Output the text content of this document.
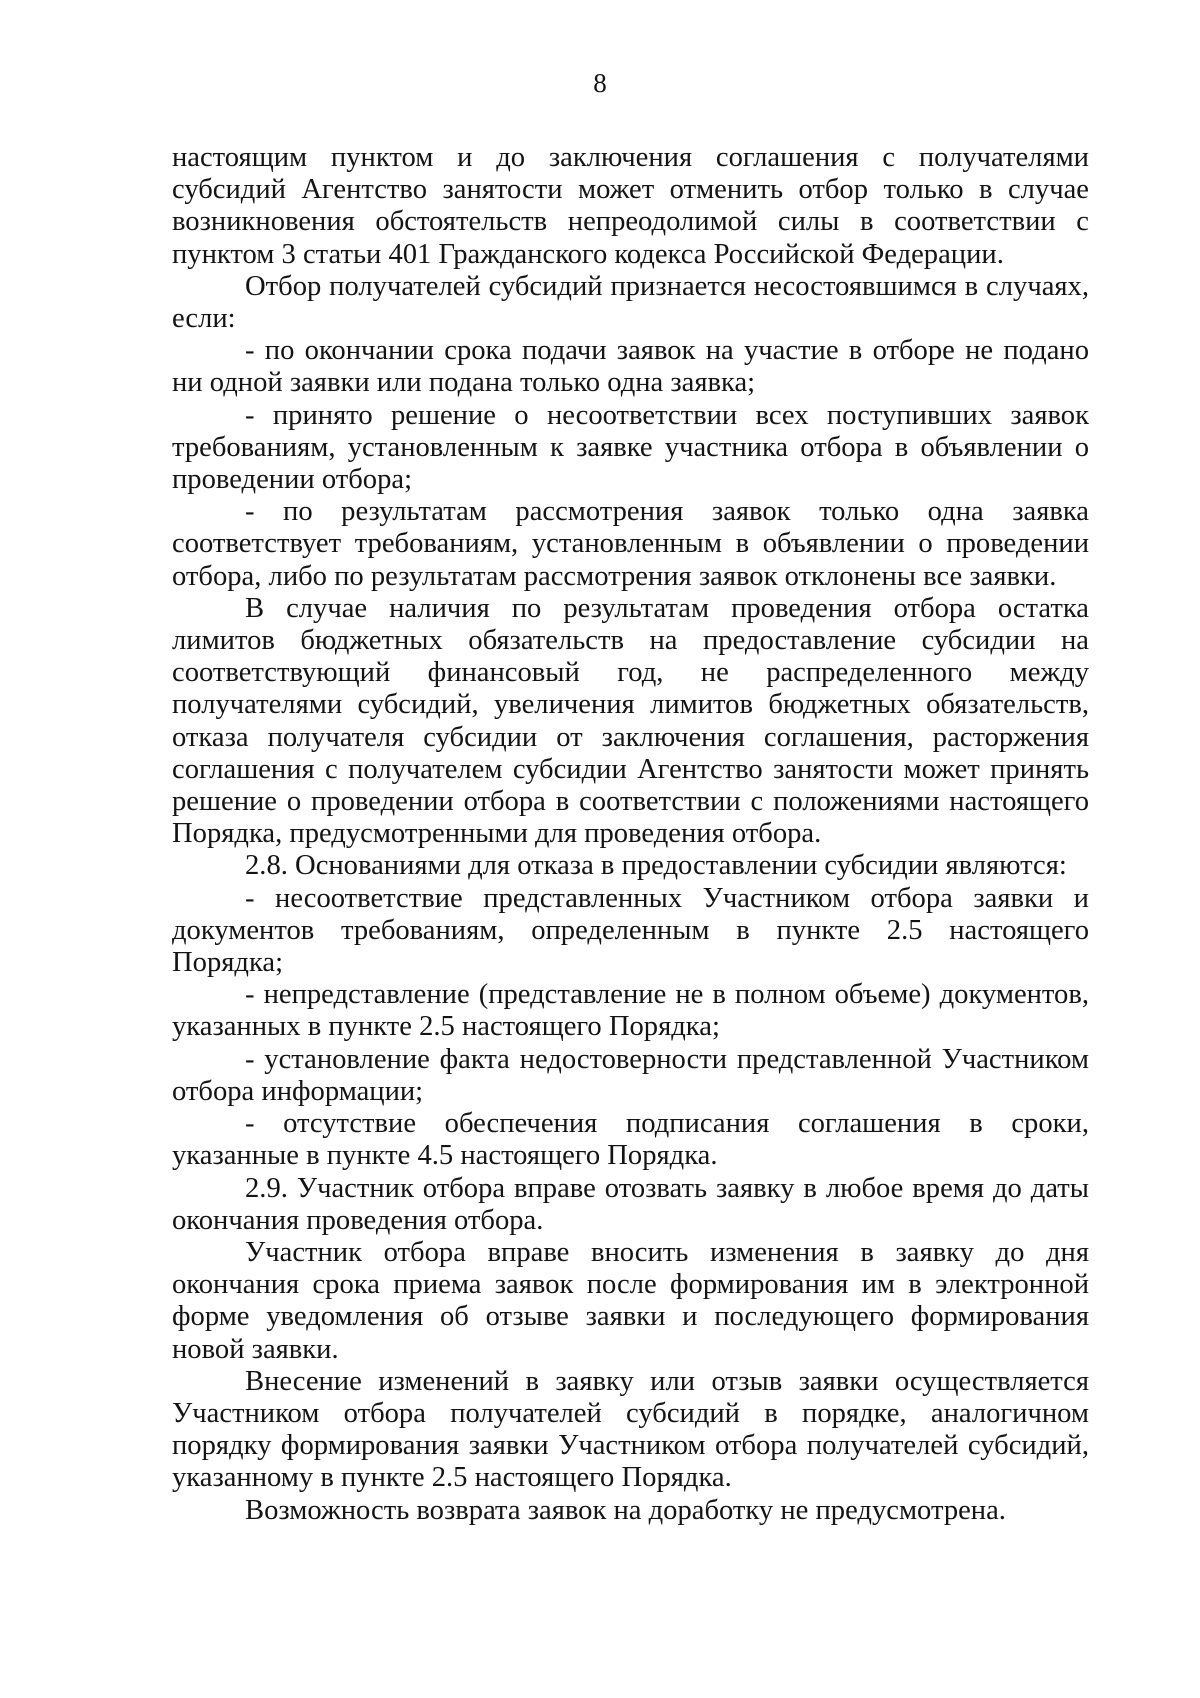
8

настоящим пунктом и до заключения соглашения с получателями субсидий Агентство занятости может отменить отбор только в случае возникновения обстоятельств непреодолимой силы в соответствии с пунктом 3 статьи 401 Гражданского кодекса Российской Федерации.

Отбор получателей субсидий признается несостоявшимся в случаях, если:

- по окончании срока подачи заявок на участие в отборе не подано ни одной заявки или подана только одна заявка;

- принято решение о несоответствии всех поступивших заявок требованиям, установленным к заявке участника отбора в объявлении о проведении отбора;

- по результатам рассмотрения заявок только одна заявка соответствует требованиям, установленным в объявлении о проведении отбора, либо по результатам рассмотрения заявок отклонены все заявки.

В случае наличия по результатам проведения отбора остатка лимитов бюджетных обязательств на предоставление субсидии на соответствующий финансовый год, не распределенного между получателями субсидий, увеличения лимитов бюджетных обязательств, отказа получателя субсидии от заключения соглашения, расторжения соглашения с получателем субсидии Агентство занятости может принять решение о проведении отбора в соответствии с положениями настоящего Порядка, предусмотренными для проведения отбора.

2.8. Основаниями для отказа в предоставлении субсидии являются:

- несоответствие представленных Участником отбора заявки и документов требованиям, определенным в пункте 2.5 настоящего Порядка;

- непредставление (представление не в полном объеме) документов, указанных в пункте 2.5 настоящего Порядка;

- установление факта недостоверности представленной Участником отбора информации;

- отсутствие обеспечения подписания соглашения в сроки, указанные в пункте 4.5 настоящего Порядка.

2.9. Участник отбора вправе отозвать заявку в любое время до даты окончания проведения отбора.

Участник отбора вправе вносить изменения в заявку до дня окончания срока приема заявок после формирования им в электронной форме уведомления об отзыве заявки и последующего формирования новой заявки.

Внесение изменений в заявку или отзыв заявки осуществляется Участником отбора получателей субсидий в порядке, аналогичном порядку формирования заявки Участником отбора получателей субсидий, указанному в пункте 2.5 настоящего Порядка.

Возможность возврата заявок на доработку не предусмотрена.
